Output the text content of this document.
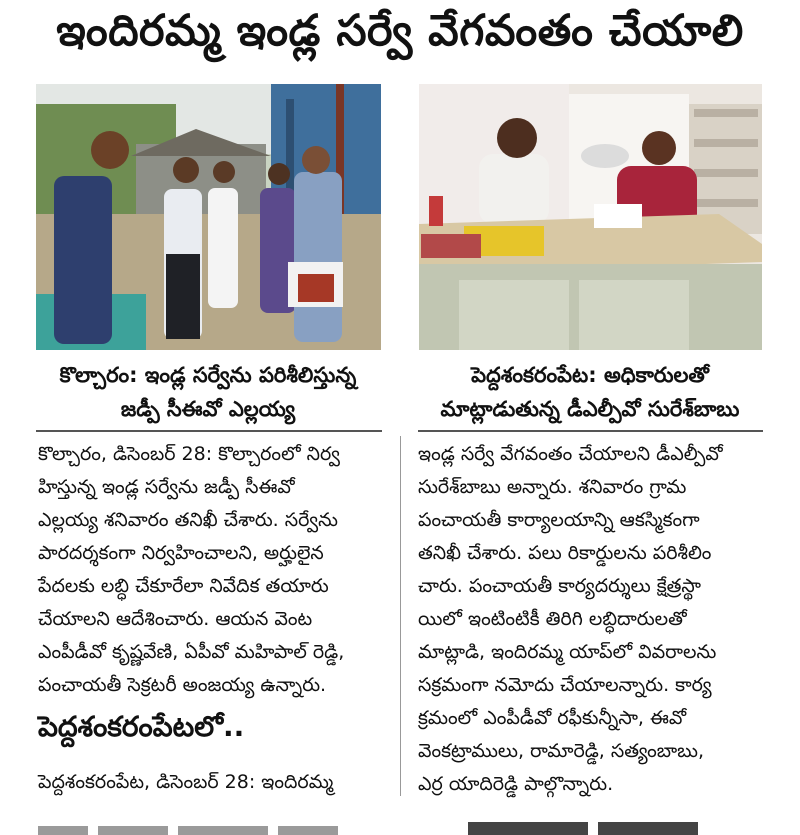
ఇందిరమ్మ ఇండ్ల సర్వే వేగవంతం చేయాలి
కొల్చారం: ఇండ్ల సర్వేను పరిశీలిస్తున్న
జడ్పీ సీఈవో ఎల్లయ్య
పెద్దశంకరంపేట: అధికారులతో
మాట్లాడుతున్న డీఎల్పీవో సురేశ్‌బాబు

కొల్చారం, డిసెంబర్ 28: కొల్చారంలో నిర్వ

హిస్తున్న ఇండ్ల సర్వేను జడ్పీ సీఈవో

ఎల్లయ్య శనివారం తనిఖీ చేశారు. సర్వేను

పారదర్శకంగా నిర్వహించాలని, అర్హులైన

పేదలకు లబ్ధి చేకూరేలా నివేదిక తయారు

చేయాలని ఆదేశించారు. ఆయన వెంట

ఎంపీడీవో కృష్ణవేణి, ఏపీవో మహిపాల్ రెడ్డి,

పంచాయతీ సెక్రటరీ అంజయ్య ఉన్నారు.

పెద్దశంకరంపేటలో..
పెద్దశంకరంపేట, డిసెంబర్ 28: ఇందిరమ్మ

ఇండ్ల సర్వే వేగవంతం చేయాలని డీఎల్పీవో

సురేశ్‌బాబు అన్నారు. శనివారం గ్రామ

పంచాయతీ కార్యాలయాన్ని ఆకస్మికంగా

తనిఖీ చేశారు. పలు రికార్డులను పరిశీలిం

చారు. పంచాయతీ కార్యదర్శులు క్షేత్రస్థా

యిలో ఇంటింటికీ తిరిగి లబ్ధిదారులతో

మాట్లాడి, ఇందిరమ్మ యాప్‌లో వివరాలను

సక్రమంగా నమోదు చేయాలన్నారు. కార్య

క్రమంలో ఎంపీడీవో రఫీకున్నీసా, ఈవో

వెంకట్రాములు, రామారెడ్డి, సత్యంబాబు,

ఎర్ర యాదిరెడ్డి పాల్గొన్నారు.
